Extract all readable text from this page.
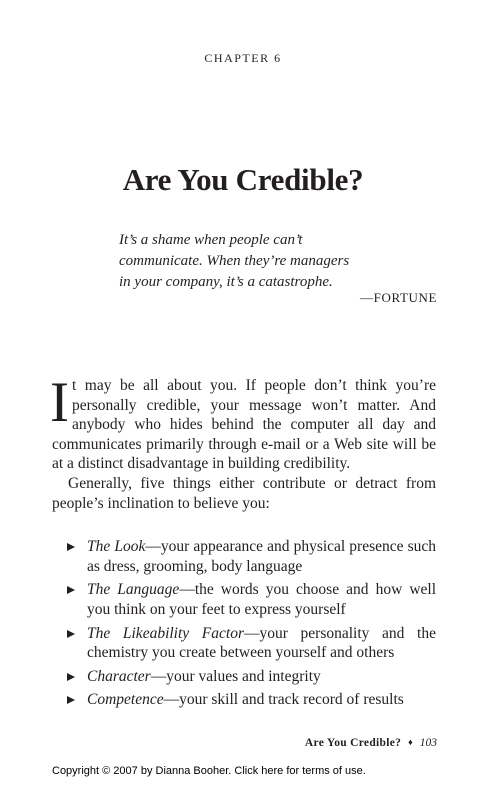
CHAPTER 6
Are You Credible?
It’s a shame when people can’t
communicate. When they’re managers
in your company, it’s a catastrophe.
—FORTUNE

It may be all about you. If people don’t think you’re personally credible, your message won’t matter. And anybody who hides behind the computer all day and communicates primarily through e-mail or a Web site will be at a distinct disadvantage in building credibility.

Generally, five things either contribute or detract from people’s inclination to believe you:

The Look—your appearance and physical presence such as dress, grooming, body language
The Language—the words you choose and how well you think on your feet to express yourself
The Likeability Factor—your personality and the chemistry you create between yourself and others
Character—your values and integrity
Competence—your skill and track record of results
Are You Credible? ♦ 103
Copyright © 2007 by Dianna Booher. Click here for terms of use.
